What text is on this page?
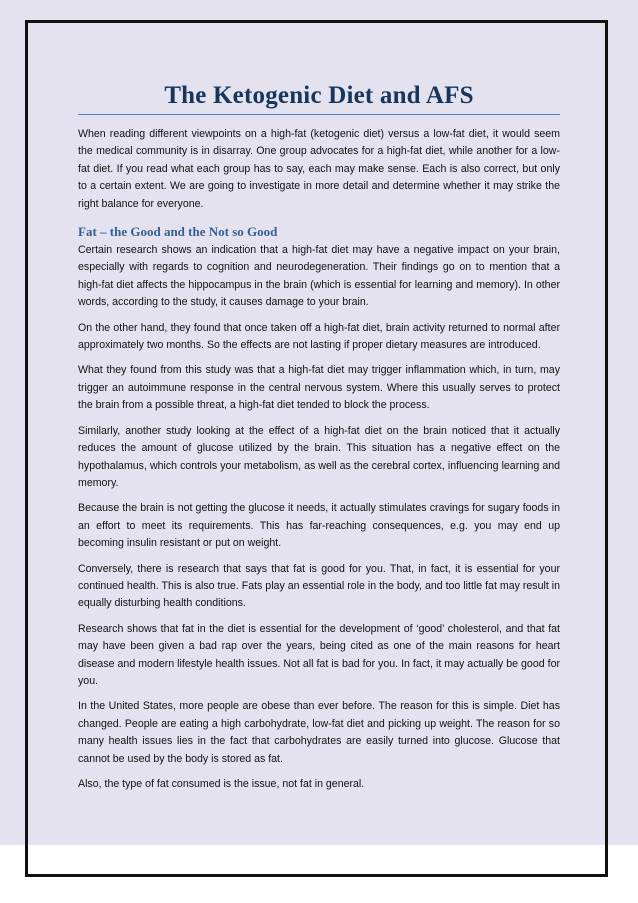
The Ketogenic Diet and AFS

When reading different viewpoints on a high-fat (ketogenic diet) versus a low-fat diet, it would seem the medical community is in disarray. One group advocates for a high-fat diet, while another for a low-fat diet. If you read what each group has to say, each may make sense. Each is also correct, but only to a certain extent. We are going to investigate in more detail and determine whether it may strike the right balance for everyone.

Fat – the Good and the Not so Good

Certain research shows an indication that a high-fat diet may have a negative impact on your brain, especially with regards to cognition and neurodegeneration. Their findings go on to mention that a high-fat diet affects the hippocampus in the brain (which is essential for learning and memory). In other words, according to the study, it causes damage to your brain.

On the other hand, they found that once taken off a high-fat diet, brain activity returned to normal after approximately two months. So the effects are not lasting if proper dietary measures are introduced.

What they found from this study was that a high-fat diet may trigger inflammation which, in turn, may trigger an autoimmune response in the central nervous system. Where this usually serves to protect the brain from a possible threat, a high-fat diet tended to block the process.

Similarly, another study looking at the effect of a high-fat diet on the brain noticed that it actually reduces the amount of glucose utilized by the brain. This situation has a negative effect on the hypothalamus, which controls your metabolism, as well as the cerebral cortex, influencing learning and memory.

Because the brain is not getting the glucose it needs, it actually stimulates cravings for sugary foods in an effort to meet its requirements. This has far-reaching consequences, e.g. you may end up becoming insulin resistant or put on weight.

Conversely, there is research that says that fat is good for you. That, in fact, it is essential for your continued health. This is also true. Fats play an essential role in the body, and too little fat may result in equally disturbing health conditions.

Research shows that fat in the diet is essential for the development of ‘good’ cholesterol, and that fat may have been given a bad rap over the years, being cited as one of the main reasons for heart disease and modern lifestyle health issues. Not all fat is bad for you. In fact, it may actually be good for you.

In the United States, more people are obese than ever before. The reason for this is simple. Diet has changed. People are eating a high carbohydrate, low-fat diet and picking up weight. The reason for so many health issues lies in the fact that carbohydrates are easily turned into glucose. Glucose that cannot be used by the body is stored as fat.

Also, the type of fat consumed is the issue, not fat in general.
